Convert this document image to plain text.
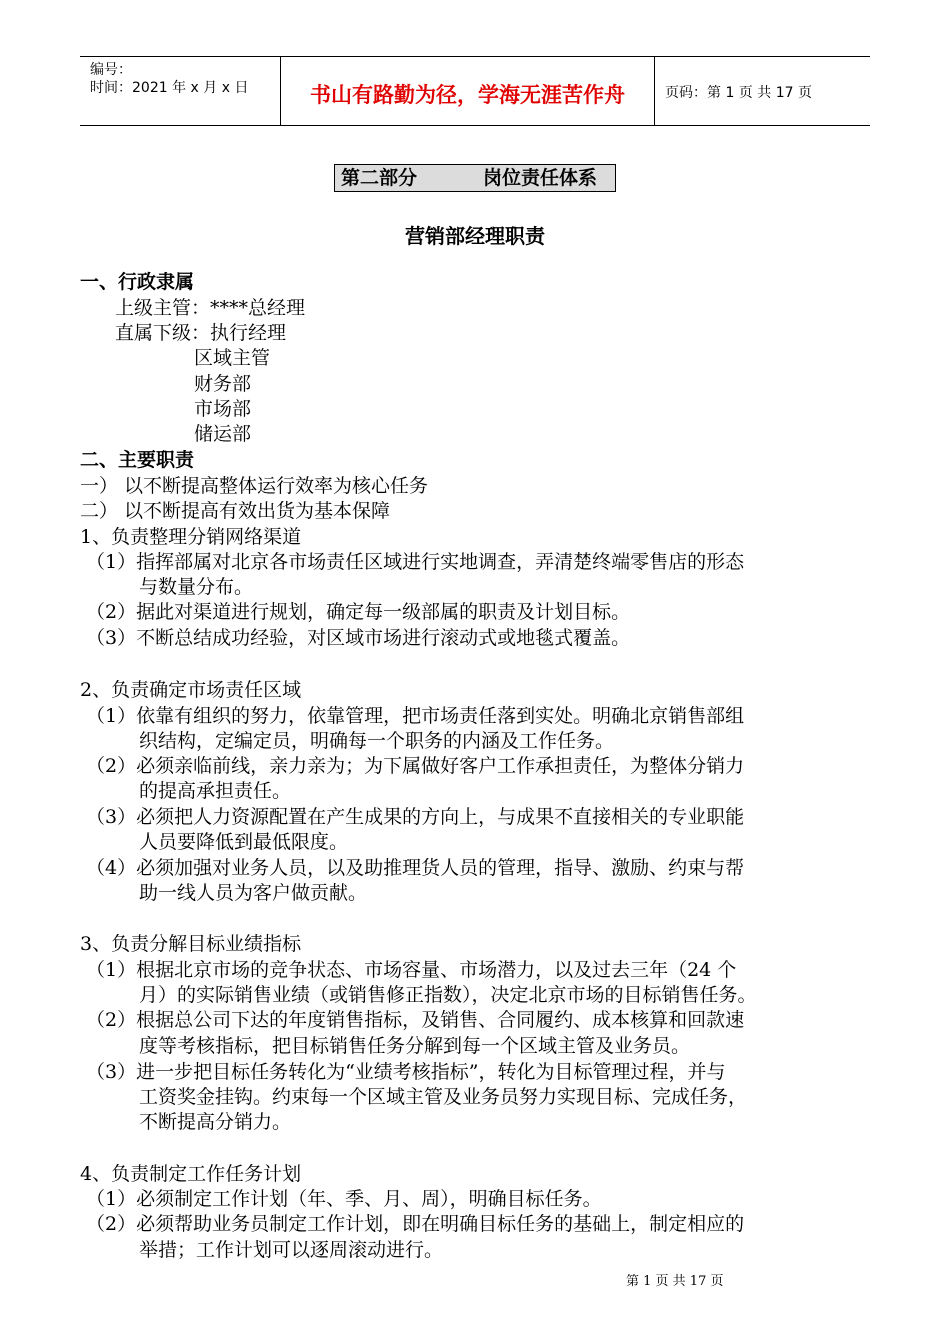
编号：
时间：2021 年 x 月 x 日	书山有路勤为径，学海无涯苦作舟	页码：第 1 页 共 17 页
第二部分	岗位责任体系
营销部经理职责
一、行政隶属
上级主管：****总经理
直属下级：执行经理
区域主管
财务部
市场部
储运部
二、主要职责
一） 以不断提高整体运行效率为核心任务
二） 以不断提高有效出货为基本保障
1、负责整理分销网络渠道
（1）指挥部属对北京各市场责任区域进行实地调查，弄清楚终端零售店的形态
与数量分布。
（2）据此对渠道进行规划，确定每一级部属的职责及计划目标。
（3）不断总结成功经验，对区域市场进行滚动式或地毯式覆盖。
2、负责确定市场责任区域
（1）依靠有组织的努力，依靠管理，把市场责任落到实处。明确北京销售部组
织结构，定编定员，明确每一个职务的内涵及工作任务。
（2）必须亲临前线，亲力亲为；为下属做好客户工作承担责任，为整体分销力
的提高承担责任。
（3）必须把人力资源配置在产生成果的方向上，与成果不直接相关的专业职能
人员要降低到最低限度。
（4）必须加强对业务人员，以及助推理货人员的管理，指导、激励、约束与帮
助一线人员为客户做贡献。
3、负责分解目标业绩指标
（1）根据北京市场的竞争状态、市场容量、市场潜力，以及过去三年（24 个
月）的实际销售业绩（或销售修正指数），决定北京市场的目标销售任务。
（2）根据总公司下达的年度销售指标，及销售、合同履约、成本核算和回款速
度等考核指标，把目标销售任务分解到每一个区域主管及业务员。
（3）进一步把目标任务转化为“业绩考核指标”，转化为目标管理过程，并与
工资奖金挂钩。约束每一个区域主管及业务员努力实现目标、完成任务，
不断提高分销力。
4、负责制定工作任务计划
（1）必须制定工作计划（年、季、月、周），明确目标任务。
（2）必须帮助业务员制定工作计划，即在明确目标任务的基础上，制定相应的
举措；工作计划可以逐周滚动进行。
第 1 页 共 17 页
